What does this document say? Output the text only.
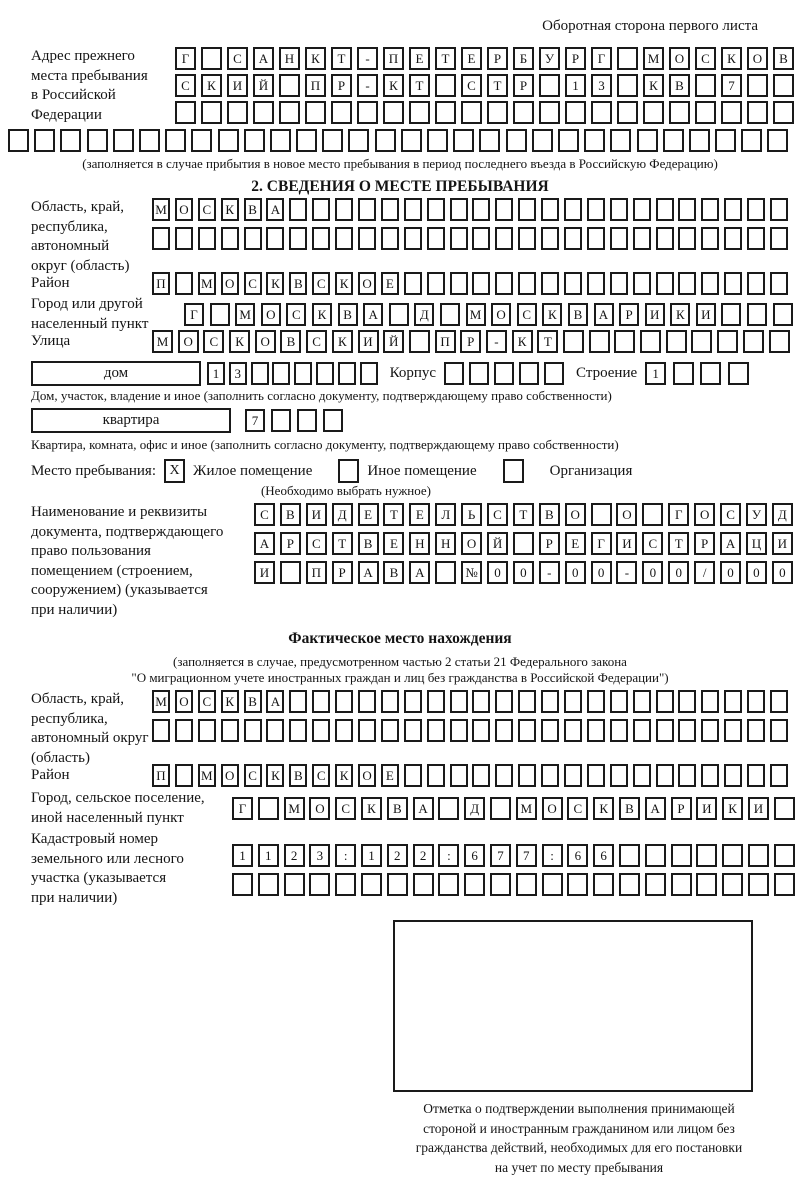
Оборотная сторона первого листа
Адрес прежнего
места пребывания
в Российской
Федерации
Г	С	А	Н	К	Т	-	П	Е	Т	Е	Р	Б	У	Р	Г	М	О	С	К	О	В
С	К	И	Й	П	Р	-	К	Т	С	Т	Р	1	3	К	В	7
(заполняется в случае прибытия в новое место пребывания в период последнего въезда в Российскую Федерацию)
2. СВЕДЕНИЯ О МЕСТЕ ПРЕБЫВАНИЯ
Область, край,
республика,
автономный
округ (область)
М О	С	К	В	А
Район	П	М О	С	К	В	С	К	О	Е
Город или другой
населенный пункт
Г	М	О	С	К	В	А	Д	М	О	С	К	В	А	Р	И	К	И
Улица	М	О	С	К	О	В	С	К	И	Й	П	Р	-	К	Т
дом	1	3	Корпус	Строение	1
Дом, участок, владение и иное (заполнить согласно документу, подтверждающему право собственности)
квартира	7
Квартира, комната, офис и иное (заполнить согласно документу, подтверждающему право собственности)
Место пребывания: X Жилое помещение	Иное помещение	Организация
(Необходимо выбрать нужное)
Наименование и реквизиты
документа, подтверждающего
право пользования
помещением (строением,
сооружением) (указывается
при наличии)
С	В	И	Д	Е	Т	Е	Л	Ь	С	Т	В	О	О	Г	О	С	У	Д
А	Р	С	Т	В	Е	Н	Н	О	Й	Р	Е	Г	И	С	Т	Р	А	Ц	И
И	П	Р	А	В	А	№	0	0	-	0	0	-	0	0	/	0	0	0
Фактическое место нахождения
(заполняется в случае, предусмотренном частью 2 статьи 21 Федерального закона
"О миграционном учете иностранных граждан и лиц без гражданства в Российской Федерации")
Область, край,
республика,
автономный округ
(область)
М О	С	К	В	А
Район	П	М О	С	К	В	С	К	О	Е
Город, сельское поселение,
иной населенный пункт
Г	М	О	С	К	В	А	Д	М	О	С	К	В	А	Р	И	К	И
Кадастровый номер
земельного или лесного
участка (указывается
при наличии)
1	1	2	3	:	1	2	2	:	6	7	7	:	6	6
Отметка о подтверждении выполнения принимающей
стороной и иностранным гражданином или лицом без
гражданства действий, необходимых для его постановки
на учет по месту пребывания
